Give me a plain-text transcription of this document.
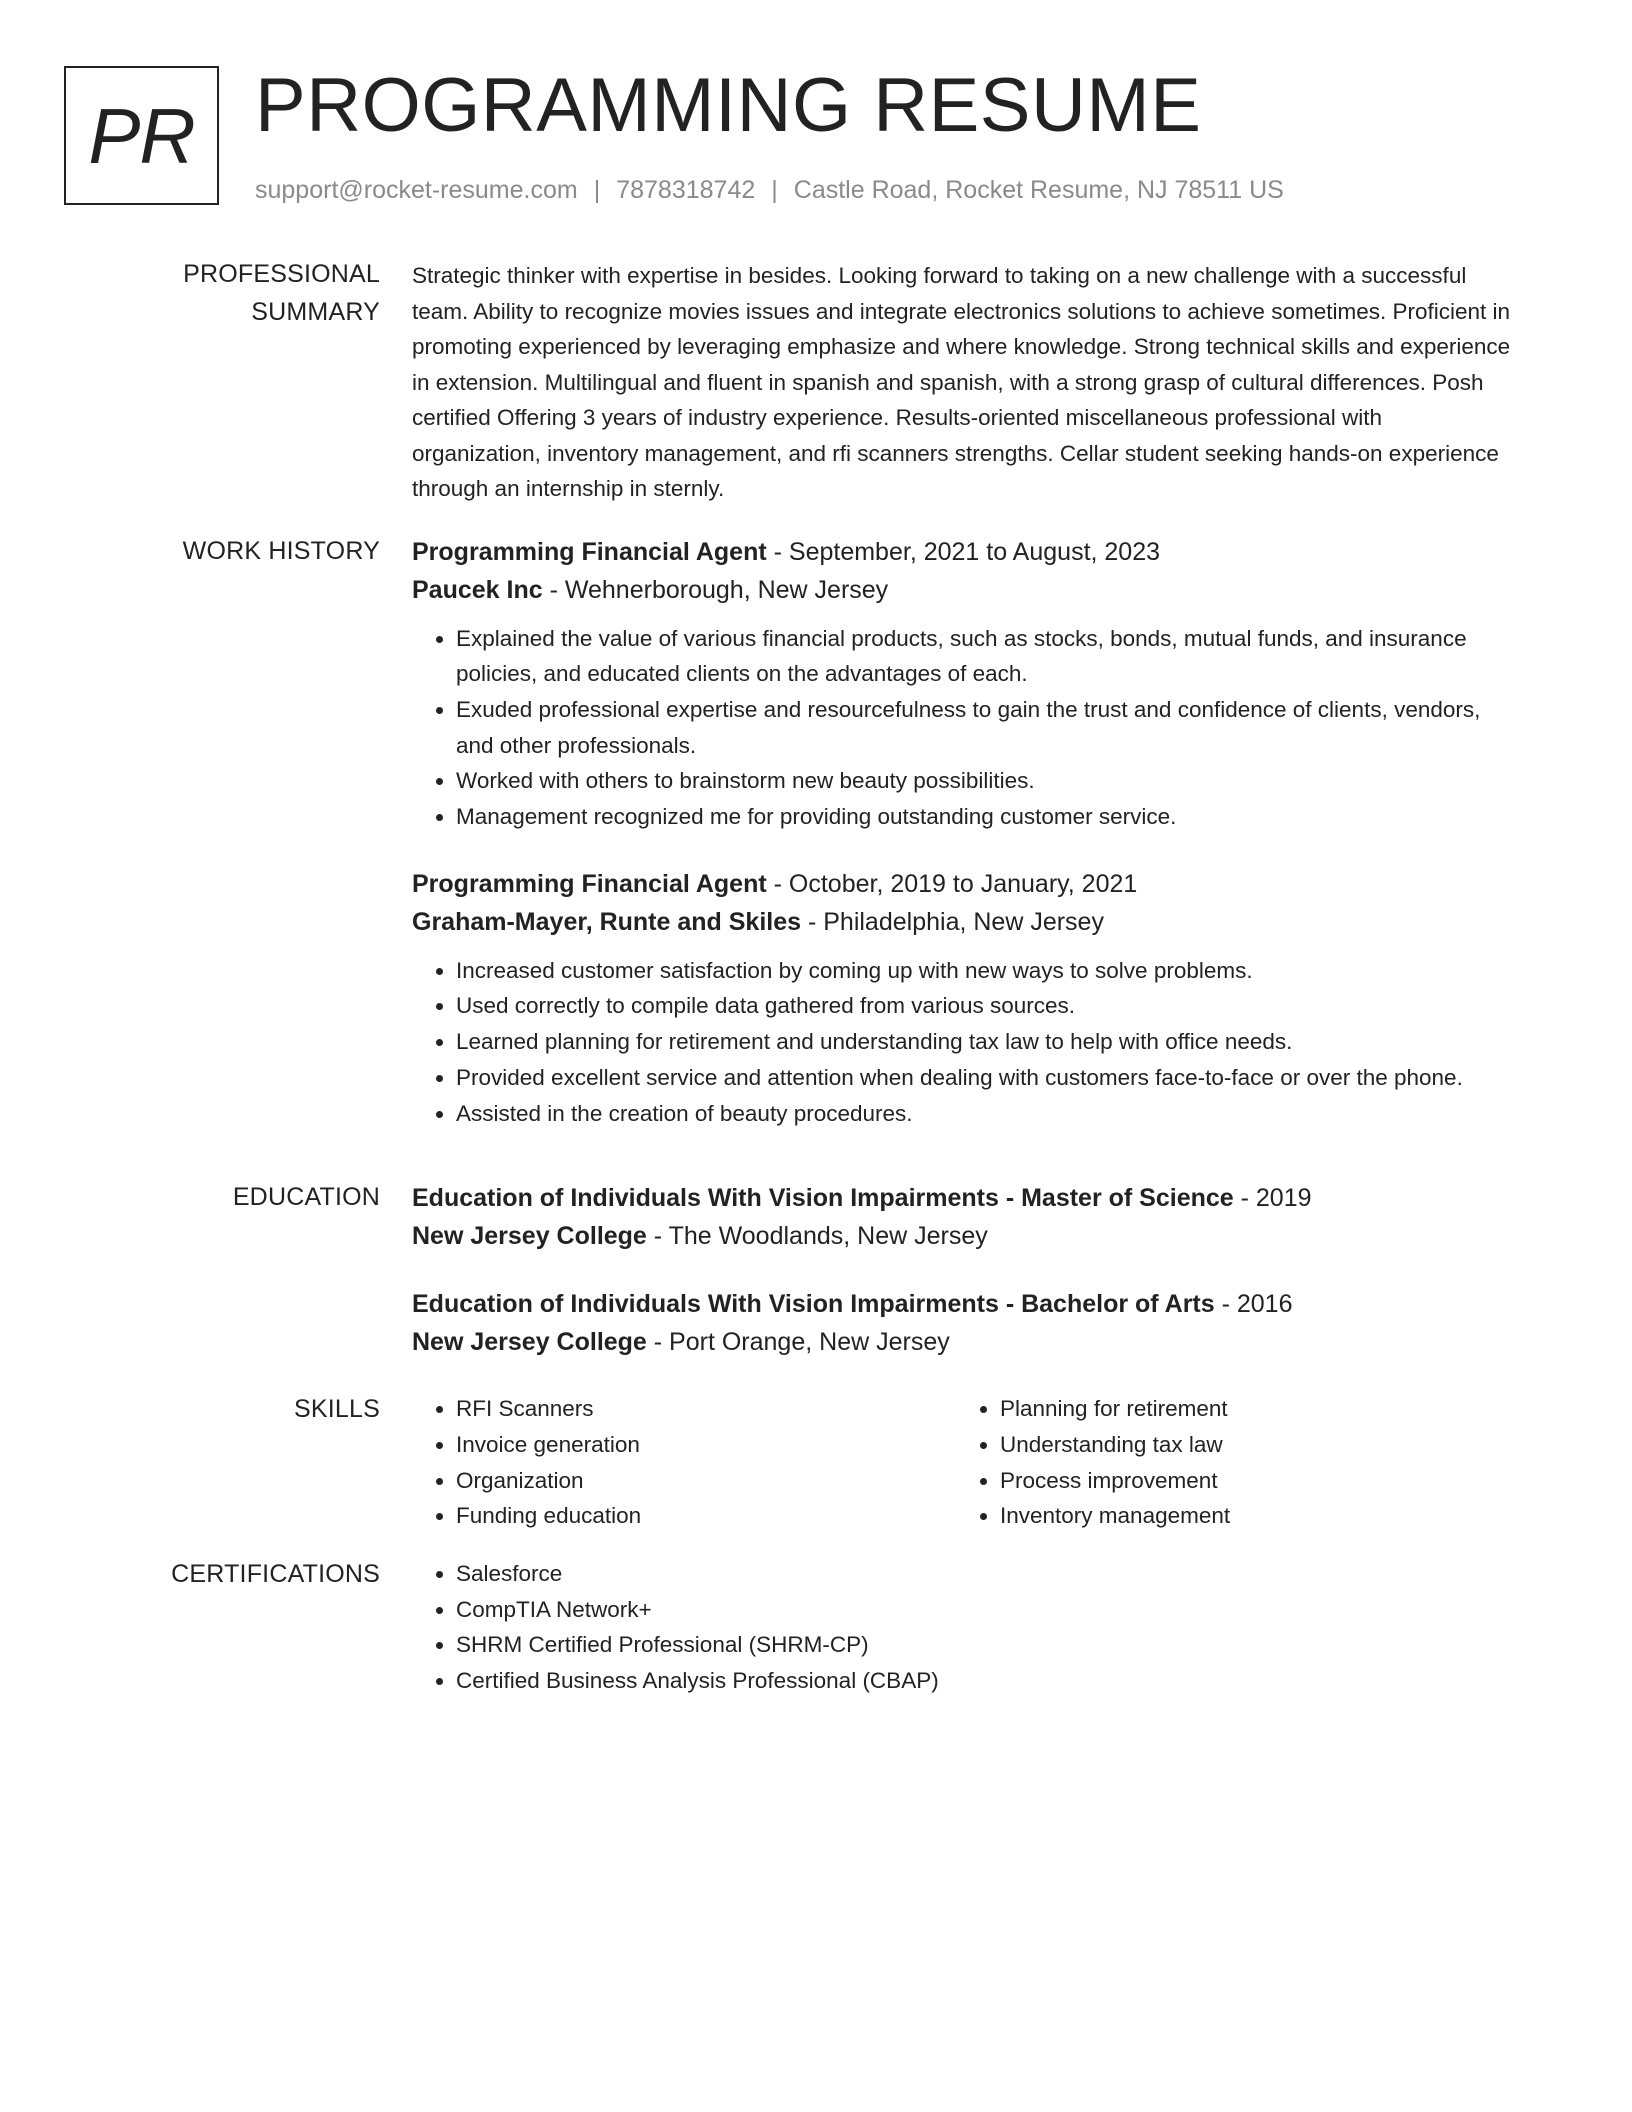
PR PROGRAMMING RESUME
support@rocket-resume.com | 7878318742 | Castle Road, Rocket Resume, NJ 78511 US
PROFESSIONAL SUMMARY

Strategic thinker with expertise in besides. Looking forward to taking on a new challenge with a successful team. Ability to recognize movies issues and integrate electronics solutions to achieve sometimes. Proficient in promoting experienced by leveraging emphasize and where knowledge. Strong technical skills and experience in extension. Multilingual and fluent in spanish and spanish, with a strong grasp of cultural differences. Posh certified Offering 3 years of industry experience. Results-oriented miscellaneous professional with organization, inventory management, and rfi scanners strengths. Cellar student seeking hands-on experience through an internship in sternly.

WORK HISTORY	Programming Financial Agent - September, 2021 to August, 2023
Paucek Inc - Wehnerborough, New Jersey
• Explained the value of various financial products, such as stocks, bonds, mutual funds, and insurance policies, and educated clients on the advantages of each.
• Exuded professional expertise and resourcefulness to gain the trust and confidence of clients, vendors, and other professionals.
• Worked with others to brainstorm new beauty possibilities.
• Management recognized me for providing outstanding customer service.
Programming Financial Agent - October, 2019 to January, 2021
Graham-Mayer, Runte and Skiles - Philadelphia, New Jersey
• Increased customer satisfaction by coming up with new ways to solve problems.
• Used correctly to compile data gathered from various sources.
• Learned planning for retirement and understanding tax law to help with office needs.
• Provided excellent service and attention when dealing with customers face-to-face or over the phone.
• Assisted in the creation of beauty procedures.
EDUCATION	Education of Individuals With Vision Impairments - Master of Science - 2019
New Jersey College - The Woodlands, New Jersey
Education of Individuals With Vision Impairments - Bachelor of Arts - 2016
New Jersey College - Port Orange, New Jersey
SKILLS	• RFI Scanners
• Invoice generation
• Organization
• Funding education
• Planning for retirement
• Understanding tax law
• Process improvement
• Inventory management
CERTIFICATIONS	• Salesforce
• CompTIA Network+
• SHRM Certified Professional (SHRM-CP)
• Certified Business Analysis Professional (CBAP)
